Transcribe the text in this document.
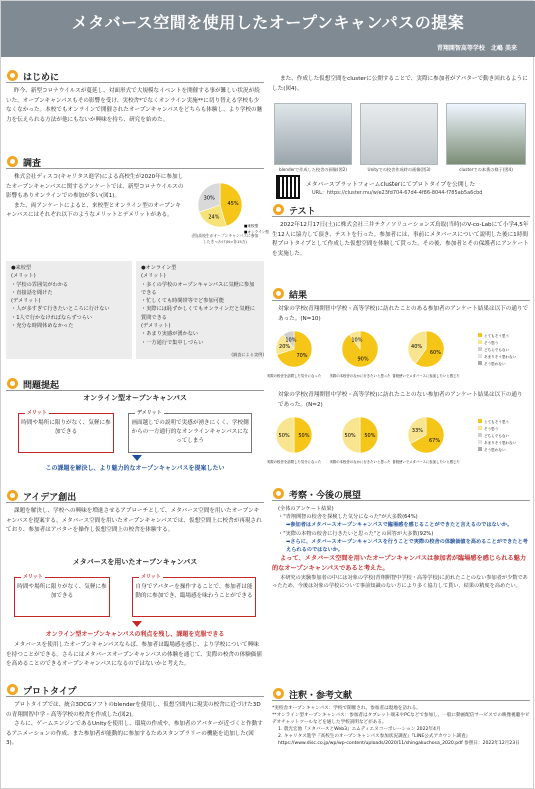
メタバース空間を使用したオープンキャンパスの提案
青翔開智高等学校　北嶋 美来
はじめに
昨今、新型コロナウイルスが蔓延し、対面形式で大規模なイベントを開催する事が難しい状況が続いた。オープンキャンパスもその影響を受け、実校舎*でなくオンライン実施**に切り替える学校も少なくなかった。本校でもオンラインで開催されたオープンキャンパスをどちらも体験し、より学校の魅力を伝えられる方法が他にもないか興味を持ち、研究を始めた。
調査
株式会社ディスコ(キャリタス進学)による高校生が2020年に参加したオープンキャンパスに関するアンケートでは、新型コロナウイルスの影響もありオンラインでの参加が多い(図1)。
また、両アンケートによると、来校型とオンライン型のオープンキャンパスにはそれぞれ以下のようなメリットとデメリットがある。
45%
24%
30%
■来校型
■オンライン型
(図)高校生がオープンキャンパスに参加したきっかけ(N=各15万)
●来校型
(メリット)
・学校の雰囲気がわかる
・直接話を聞けた
(デメリット)
・人が多すぎて行きたいところに行けない
・1人で行かなければならずつらい
・充分な時間休めなかった
●オンライン型
(メリット)
・多くの学校のオープンキャンパスに気軽に参加できる
・忙しくても時間帯等でど参加可能
・実際には恥ずかしくてもオンラインだと気軽に質問できる
(デメリット)
・あまり実感が湧かない
・一方通行で集中しづらい
(調査による実例)
問題提起
オンライン型オープンキャンパス
メリット
時間や場所に限りがなく、気軽に参加できる
デメリット
画面越しでの説明で実感が湧きにくく、学校側からの一方通行的なオンラインキャンパスになってしまう
この課題を解決し、より魅力的なオープンキャンパスを提案したい
アイデア創出
課題を解決し、学校への興味を増進させるアプローチとして、メタバース空間を用いたオープンキャンパスを提案する。メタバース空間を用いたオープンキャンパスでは、仮想空間上に校舎が再現されており、参加者はアバターを操作し仮想空間上の校舎を体験する。
メタバースを用いたオープンキャンパス
メリット
時間や場所に限りがなく、気軽に参加できる
メリット
自身でアバターを操作することで、参加者は能動的に参加でき、臨場感を味わうことができる
オンライン型オープンキャンパスの利点を残し、課題を克服できる
メタバースを使用したオープンキャンパスならば、参加者は臨場感を感じ、より学校について興味を持つことができる。さらにはメタバースオープンキャンパスの体験を通じて、実際の校舎の体験価値を高めることのできるオープンキャンパスになるのではないかと考えた。
プロトタイプ
プロトタイプでは、統合3DCGソフトのblenderを使用し、仮想空間内に現実の校舎に近づけた3Dの青翔開智中学・高等学校の校舎を作成した(図2)。
さらに、ゲームエンジンであるUnityを使用し、環境の作成や、参加者のアバターが近づくと作動するアニメーションの作成、また参加者が能動的に参加するためスタンプラリーの機能を追加した(図3)。
また、作成した仮想空間をclusterに公開することで、実際に参加者がアバターで動き回れるようにした(図4)。
blenderで作成した校舎の画像(図2)	Unityでの校舎作成時の画像(図3)	clusterでの本番の様子(図4)
メタバースプラットフォームclusterにてプロトタイプを公開した
URL：https://cluster.mu/w/e23fd704-67d4-4f86-8044-f785ab5a6cbd
テスト
2022年12月17日(土)に株式会社三井テクノソリューションズ鳥取(当時)のV-co-Labにて小学4,5年生12人に協力して頂き、テストを行った。参加者には、事前にメタバースについて説明した後に1時間程プロトタイプとして作成した仮想空間を体験して貰った。その後、参加者とその保護者にアンケートを実施した。
結果
対象の学校(青翔開智中学校・高等学校)に訪れたことのある参加者のアンケート結果は以下の通りであった。(N=10)
70%
20%
10%
実際の校舎を訪問した気分になった
90%
10%
実際の本校舎のなかに行きたいと思った
60%
40%
普段使いでメタバースに参加したいと感じた
とてもそう思う
そう思う
どちらでもない
あまりそう思わない
そう思わない
対象の学校(青翔開智中学校・高等学校)に訪れたことのない参加者のアンケート結果は以下の通りであった。(N=2)
50%
50%
実際の校舎を訪問した気分になった
50%
50%
実際の本校舎のなかに行きたいと思った
67%
33%
普段使いでメタバースに参加したいと感じた
とてもそう思う
そう思う
どちらでもない
あまりそう思わない
そう思わない
考察・今後の展望
(全体のアンケート結果)
・"青翔開智の校舎を探検した気分になった"が大多数(64%)
➡参加者はメタバースオープンキャンパスで臨場感を感じることができたと言えるのではないか。
・"実際の本物の校舎に行きたいと思った"との回答が大多数(92%)
➡さらに、メタバースオープンキャンパスを行うことで実際の校舎の体験価値を高めることができたと考えられるのではないか。
よって、メタバース空間を用いたオープンキャンパスは参加者が臨場感を感じられる魅力的なオープンキャンパスであると考えた。
本研究の実験参加者の中には対象の学校(青翔開智中学校・高等学校)に訪れたことのない参加者が少数であったため、今後は対象の学校について事前知識のない方により多く協力して貰い、結果の精度を高めたい。
注釈・参考文献
*実校舎オープンキャンパス：学校で開催され、参加者は現地を訪れる。
**オンライン型オープンキャンパス：参加者はタブレット端末やPCなどで参加し、一般に動画配信サービスでの映像視聴やビデオチャットツールなどを通した学校説明などがある。
1. 農光宏他『メタバースとWeb3』エムディエヌコーポレーション 2022年4月
2. キャリタス進学『高校生のオープンキャンパス参加状況調査』『LINE公式アカウント調査』https://www.disc.co.jp/wp/wp-content/uploads/2020/11/shingakuchosa_2020.pdf 参照日：2022年12月23日
